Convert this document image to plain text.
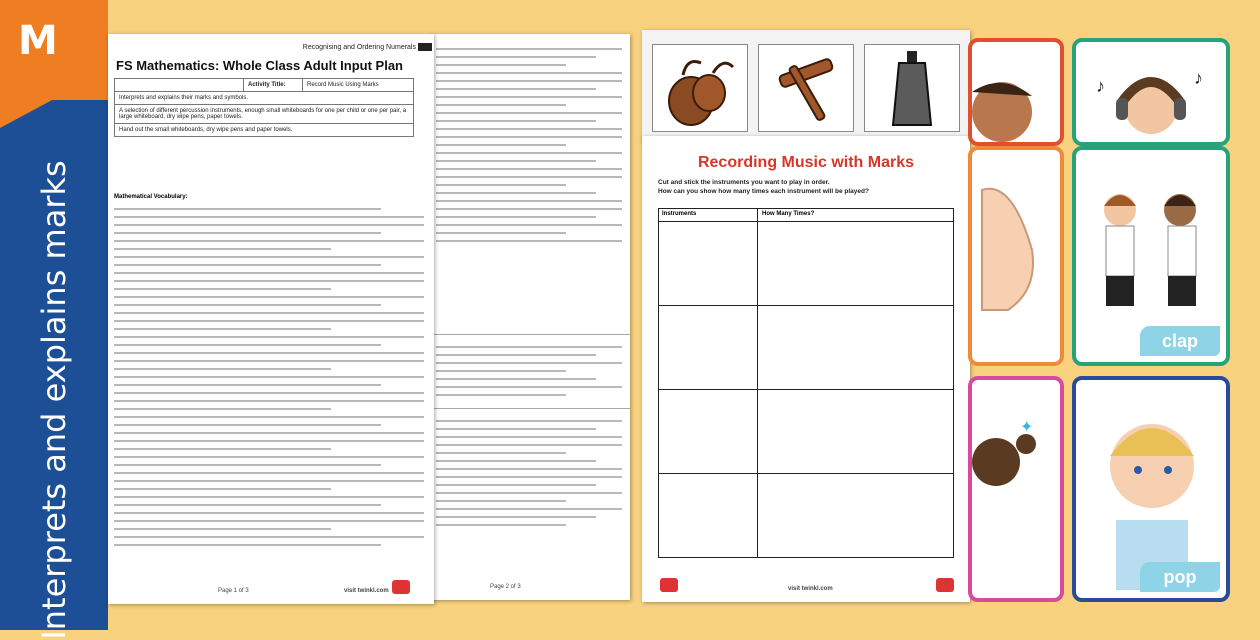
M
Interprets and explains marks	Page 2 of 3
Recognising and Ordering Numerals
FS Mathematics: Whole Class Adult Input Plan
	Activity Title:	Record Music Using Marks
Interprets and explains their marks and symbols.
A selection of different percussion instruments, enough small whiteboards for one per child or one per pair, a large whiteboard, dry wipe pens, paper towels.
Hand out the small whiteboards, dry wipe pens and paper towels.
Mathematical Vocabulary:
Page 1 of 3	visit twinkl.com
Recording Music with Marks
Cut and stick the instruments you want to play in order.
How can you show how many times each instrument will be played?
Instruments	How Many Times?
visit twinkl.com
♪	♪
clap
✦
pop
